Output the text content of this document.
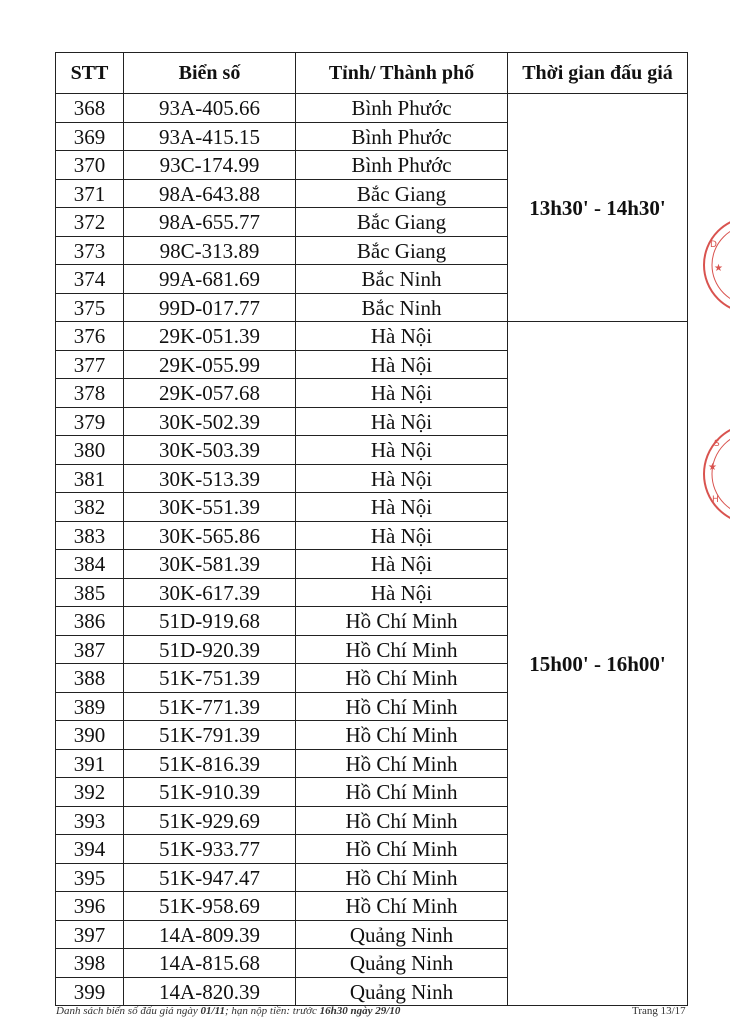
STT	Biển số	Tỉnh/ Thành phố	Thời gian đấu giá
368	93A-405.66	Bình Phước	13h30' - 14h30'
369	93A-415.15	Bình Phước	
370	93C-174.99	Bình Phước	
371	98A-643.88	Bắc Giang	
372	98A-655.77	Bắc Giang	
373	98C-313.89	Bắc Giang	
374	99A-681.69	Bắc Ninh	
375	99D-017.77	Bắc Ninh	
376	29K-051.39	Hà Nội	15h00' - 16h00'
377	29K-055.99	Hà Nội	
378	29K-057.68	Hà Nội	
379	30K-502.39	Hà Nội	
380	30K-503.39	Hà Nội	
381	30K-513.39	Hà Nội	
382	30K-551.39	Hà Nội	
383	30K-565.86	Hà Nội	
384	30K-581.39	Hà Nội	
385	30K-617.39	Hà Nội	
386	51D-919.68	Hồ Chí Minh	
387	51D-920.39	Hồ Chí Minh	
388	51K-751.39	Hồ Chí Minh	
389	51K-771.39	Hồ Chí Minh	
390	51K-791.39	Hồ Chí Minh	
391	51K-816.39	Hồ Chí Minh	
392	51K-910.39	Hồ Chí Minh	
393	51K-929.69	Hồ Chí Minh	
394	51K-933.77	Hồ Chí Minh	
395	51K-947.47	Hồ Chí Minh	
396	51K-958.69	Hồ Chí Minh	
397	14A-809.39	Quảng Ninh	
398	14A-815.68	Quảng Ninh	
399	14A-820.39	Quảng Ninh	
D
★
S
★
H
Danh sách biển số đấu giá ngày 01/11; hạn nộp tiền: trước 16h30 ngày 29/10	Trang 13/17
